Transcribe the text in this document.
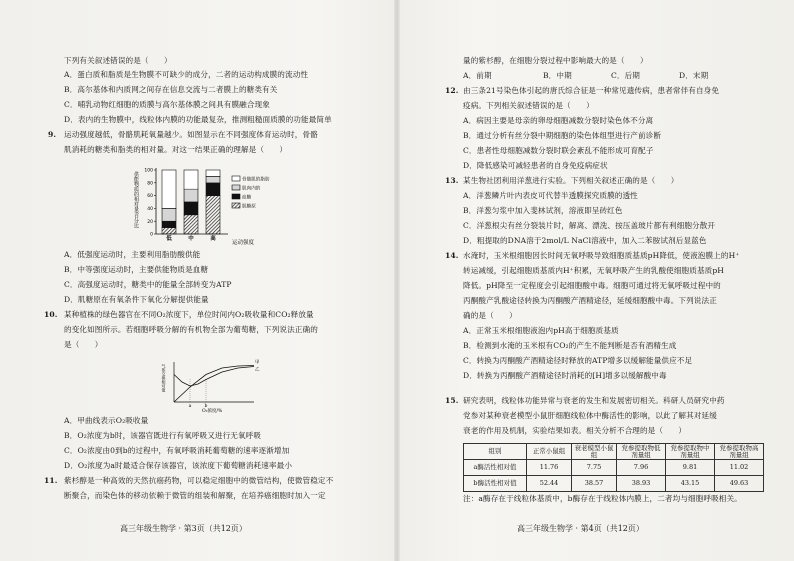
下列有关叙述错误的是（　　）
A．蛋白质和脂质是生物膜不可缺少的成分，二者的运动构成膜的流动性
B．高尔基体和内质网之间存在信息交流与二者膜上的糖类有关
C．哺乳动物红细胞的质膜与高尔基体膜之间具有膜融合现象
D．表内的生物膜中，线粒体内膜的功能最复杂，推测粗糙面质膜的功能最简单
9. 运动强度越低，骨骼肌耗氧量越少。如图显示在不同强度体育运动时，骨骼
肌消耗的糖类和脂类的相对量。对这一结果正确的理解是（　　）
供能物质的相对量/百分比
0
20
40
60
80
100
低	中	高
骨骼肌的脂肪
肌肉内的
血糖
肌糖原
运动强度
A．低强度运动时，主要利用脂肪酸供能
B．中等强度运动时，主要供能物质是血糖
C．高强度运动时，糖类中的能量全部转变为ATP
D．肌糖原在有氧条件下氧化分解提供能量
10. 某种植株的绿色器官在不同O₂浓度下，单位时间内O₂吸收量和CO₂释放量
的变化如图所示。若细胞呼吸分解的有机物全部为葡萄糖，下列说法正确的
是（　　）
气体交换相对值
a	b
甲
乙
O₂浓度/%
A．甲曲线表示O₂吸收量
B．O₂浓度为b时，该器官既进行有氧呼吸又进行无氧呼吸
C．O₂浓度由0到b的过程中，有氧呼吸消耗葡萄糖的速率逐渐增加
D．O₂浓度为a时最适合保存该器官，该浓度下葡萄糖消耗速率最小
11. 紫杉醇是一种高效的天然抗癌药物，可以稳定细胞中的微管结构，使微管稳定不
断聚合，而染色体的移动依赖于微管的组装和解聚，在培养癌细胞时加入一定
高三年级生物学 · 第3页（共12页）
量的紫杉醇，在细胞分裂过程中影响最大的是（　　）
A．前期	B．中期	C．后期	D．末期
12. 由三条21号染色体引起的唐氏综合征是一种常见遗传病，患者常伴有自身免
疫病。下列相关叙述错误的是（　　）
A．病因主要是母亲的卵母细胞减数分裂时染色体不分离
B．通过分析有丝分裂中期细胞的染色体组型进行产前诊断
C．患者性母细胞减数分裂时联会紊乱不能形成可育配子
D．降低感染可减轻患者的自身免疫病症状
13. 某生物社团利用洋葱进行实验。下列相关叙述正确的是（　　）
A．洋葱鳞片叶内表皮可代替半透膜探究质膜的透性
B．洋葱匀浆中加入斐林试剂，溶液即呈砖红色
C．洋葱根尖有丝分裂装片时，解离、漂洗、按压盖玻片都有利细胞分散开
D．粗提取的DNA溶于2mol/L NaCl溶液中，加入二苯胺试剂后显蓝色
14. 水淹时，玉米根细胞因长时间无氧呼吸导致细胞质基质pH降低，使液泡膜上的H⁺
转运减缓，引起细胞质基质内H⁺积累，无氧呼吸产生的乳酸使细胞质基质pH
降低。pH降至一定程度会引起细胞酸中毒。细胞可通过将无氧呼吸过程中的
丙酮酸产乳酸途径转换为丙酮酸产酒精途径，延缓细胞酸中毒。下列说法正
确的是（　　）
A．正常玉米根细胞液泡内pH高于细胞质基质
B．检测到水淹的玉米根有CO₂的产生不能判断是否有酒精生成
C．转换为丙酮酸产酒精途径时释放的ATP增多以缓解能量供应不足
D．转换为丙酮酸产酒精途径时消耗的[H]增多以缓解酸中毒
15. 研究表明，线粒体功能异常与衰老的发生和发展密切相关。科研人员研究中药
党参对某种衰老模型小鼠肝细胞线粒体中酶活性的影响，以此了解其对延缓
衰老的作用及机制，实验结果如表。相关分析不合理的是（　　）
组别	正常小鼠组	衰老模型小鼠组	党参提取物低剂量组	党参提取物中剂量组	党参提取物高剂量组
a酶活性相对值	11.76	7.75	7.96	9.81	11.02
b酶活性相对值	52.44	38.57	38.93	43.15	49.63
注：a酶存在于线粒体基质中，b酶存在于线粒体内膜上，二者均与细胞呼吸相关。
高三年级生物学 · 第4页（共12页）
